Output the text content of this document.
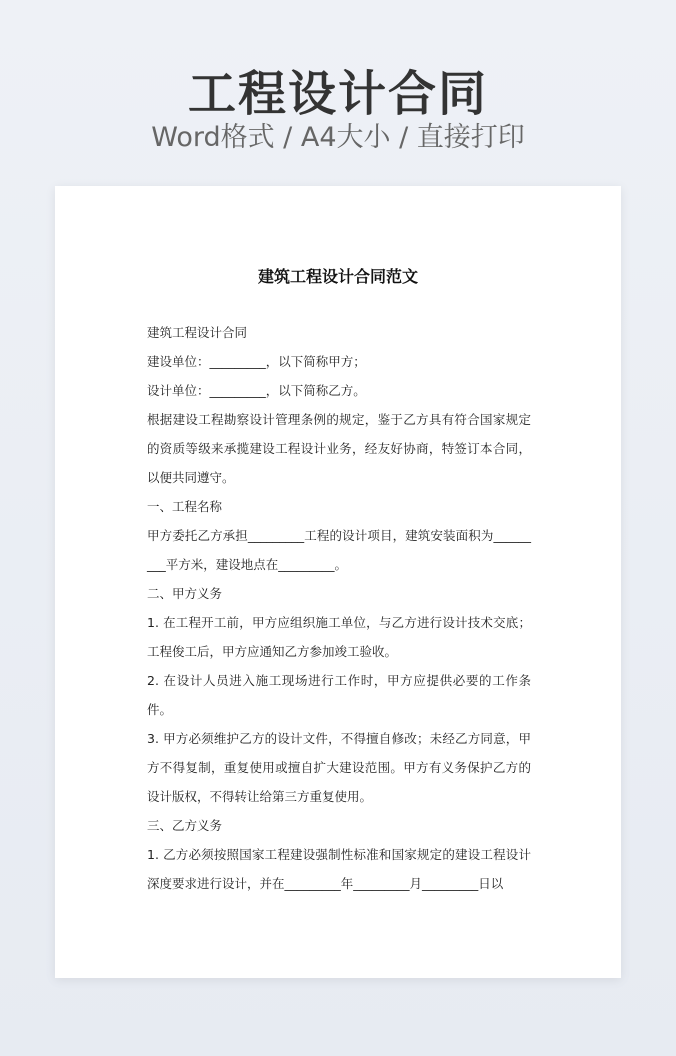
工程设计合同
Word格式 / A4大小 / 直接打印
建筑工程设计合同范文

建筑工程设计合同

建设单位：_________，以下简称甲方；

设计单位：_________，以下简称乙方。

根据建设工程勘察设计管理条例的规定，鉴于乙方具有符合国家规定的资质等级来承揽建设工程设计业务，经友好协商，特签订本合同，以便共同遵守。

一、工程名称

甲方委托乙方承担_________工程的设计项目，建筑安装面积为_________平方米，建设地点在_________。

二、甲方义务

1. 在工程开工前，甲方应组织施工单位，与乙方进行设计技术交底；工程俊工后，甲方应通知乙方参加竣工验收。

2. 在设计人员进入施工现场进行工作时，甲方应提供必要的工作条件。

3. 甲方必须维护乙方的设计文件，不得擅自修改；未经乙方同意，甲方不得复制，重复使用或擅自扩大建设范围。甲方有义务保护乙方的设计版权，不得转让给第三方重复使用。

三、乙方义务

1. 乙方必须按照国家工程建设强制性标准和国家规定的建设工程设计深度要求进行设计，并在_________年_________月_________日以
